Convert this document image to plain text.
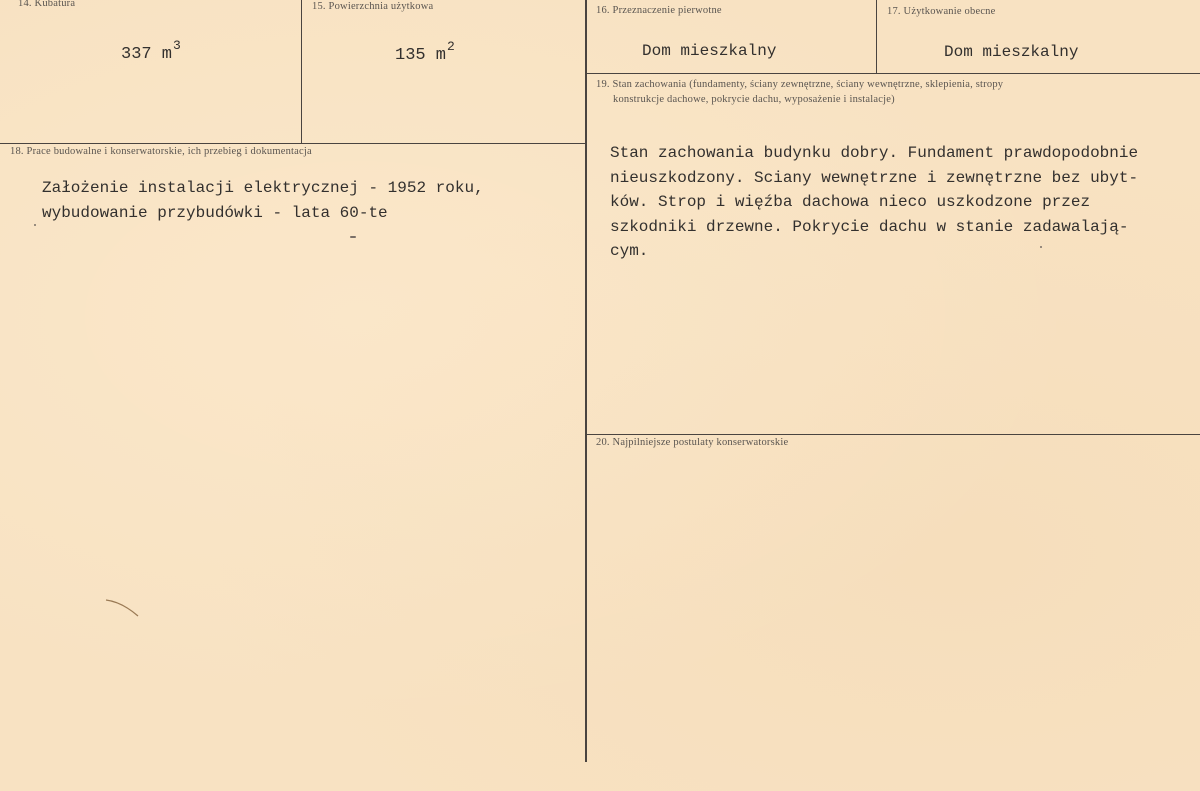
14. Kubatura
337 $m^3$
15. Powierzchnia użytkowa
135 $m^2$
16. Przeznaczenie pierwotne
Dom mieszkalny
17. Użytkowanie obecne
Dom mieszkalny
18. Prace budowalne i konserwatorskie, ich przebieg i dokumentacja
Założenie instalacji elektrycznej - 1952 roku,
wybudowanie przybudówki - lata 60-te
19. Stan zachowania (fundamenty, ściany zewnętrzne, ściany wewnętrzne, sklepienia, stropy
konstrukcje dachowe, pokrycie dachu, wyposażenie i instalacje)
Stan zachowania budynku dobry. Fundament prawdopodobnie
nieuszkodzony. Sciany wewnętrzne i zewnętrzne bez ubyt-
ków. Strop i więźba dachowa nieco uszkodzone przez
szkodniki drzewne. Pokrycie dachu w stanie zadawalają-
cym.
20. Najpilniejsze postulaty konserwatorskie
